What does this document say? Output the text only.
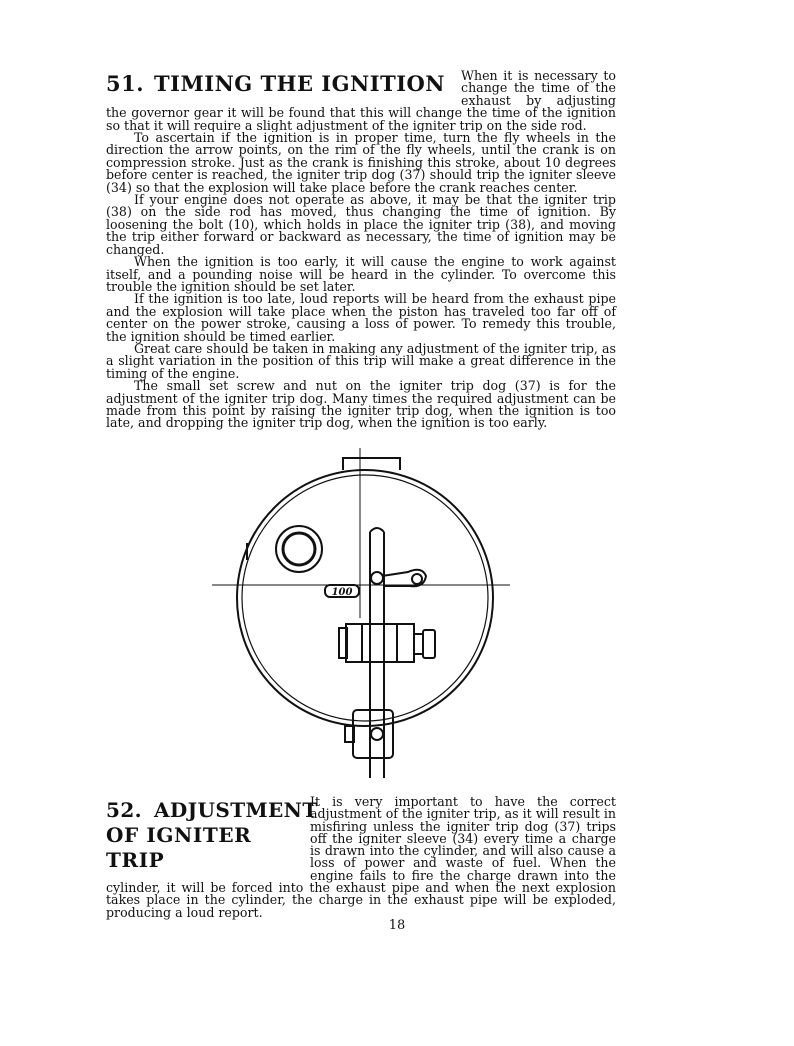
51. TIMING THE IGNITION	When it is necessary to change the time of the exhaust by adjusting the governor gear it will be found that this will change the time of the ignition so that it will require a slight adjustment of the igniter trip on the side rod.

To ascertain if the ignition is in proper time, turn the fly wheels in the direction the arrow points, on the rim of the fly wheels, until the crank is on compression stroke. Just as the crank is finishing this stroke, about 10 degrees before center is reached, the igniter trip dog (37) should trip the igniter sleeve (34) so that the explosion will take place before the crank reaches center.

If your engine does not operate as above, it may be that the igniter trip (38) on the side rod has moved, thus changing the time of ignition. By loosening the bolt (10), which holds in place the igniter trip (38), and moving the trip either forward or backward as necessary, the time of ignition may be changed.

When the ignition is too early, it will cause the engine to work against itself, and a pounding noise will be heard in the cylinder. To overcome this trouble the ignition should be set later.

If the ignition is too late, loud reports will be heard from the exhaust pipe and the explosion will take place when the piston has traveled too far off of center on the power stroke, causing a loss of power. To remedy this trouble, the ignition should be timed earlier.

Great care should be taken in making any adjustment of the igniter trip, as a slight variation in the position of this trip will make a great difference in the timing of the engine.

The small set screw and nut on the igniter trip dog (37) is for the adjustment of the igniter trip dog. Many times the required adjustment can be made from this point by raising the igniter trip dog, when the ignition is too late, and dropping the igniter trip dog, when the ignition is too early.

100
52. ADJUSTMENT
OF IGNITER TRIP

It is very important to have the correct adjustment of the igniter trip, as it will result in misfiring unless the igniter trip dog (37) trips off the igniter sleeve (34) every time a charge is drawn into the cylinder, and will also cause a loss of power and waste of fuel. When the engine fails to fire the charge drawn into the cylinder, it will be forced into the exhaust pipe and when the next explosion takes place in the cylinder, the charge in the exhaust pipe will be exploded, producing a loud report.

18
